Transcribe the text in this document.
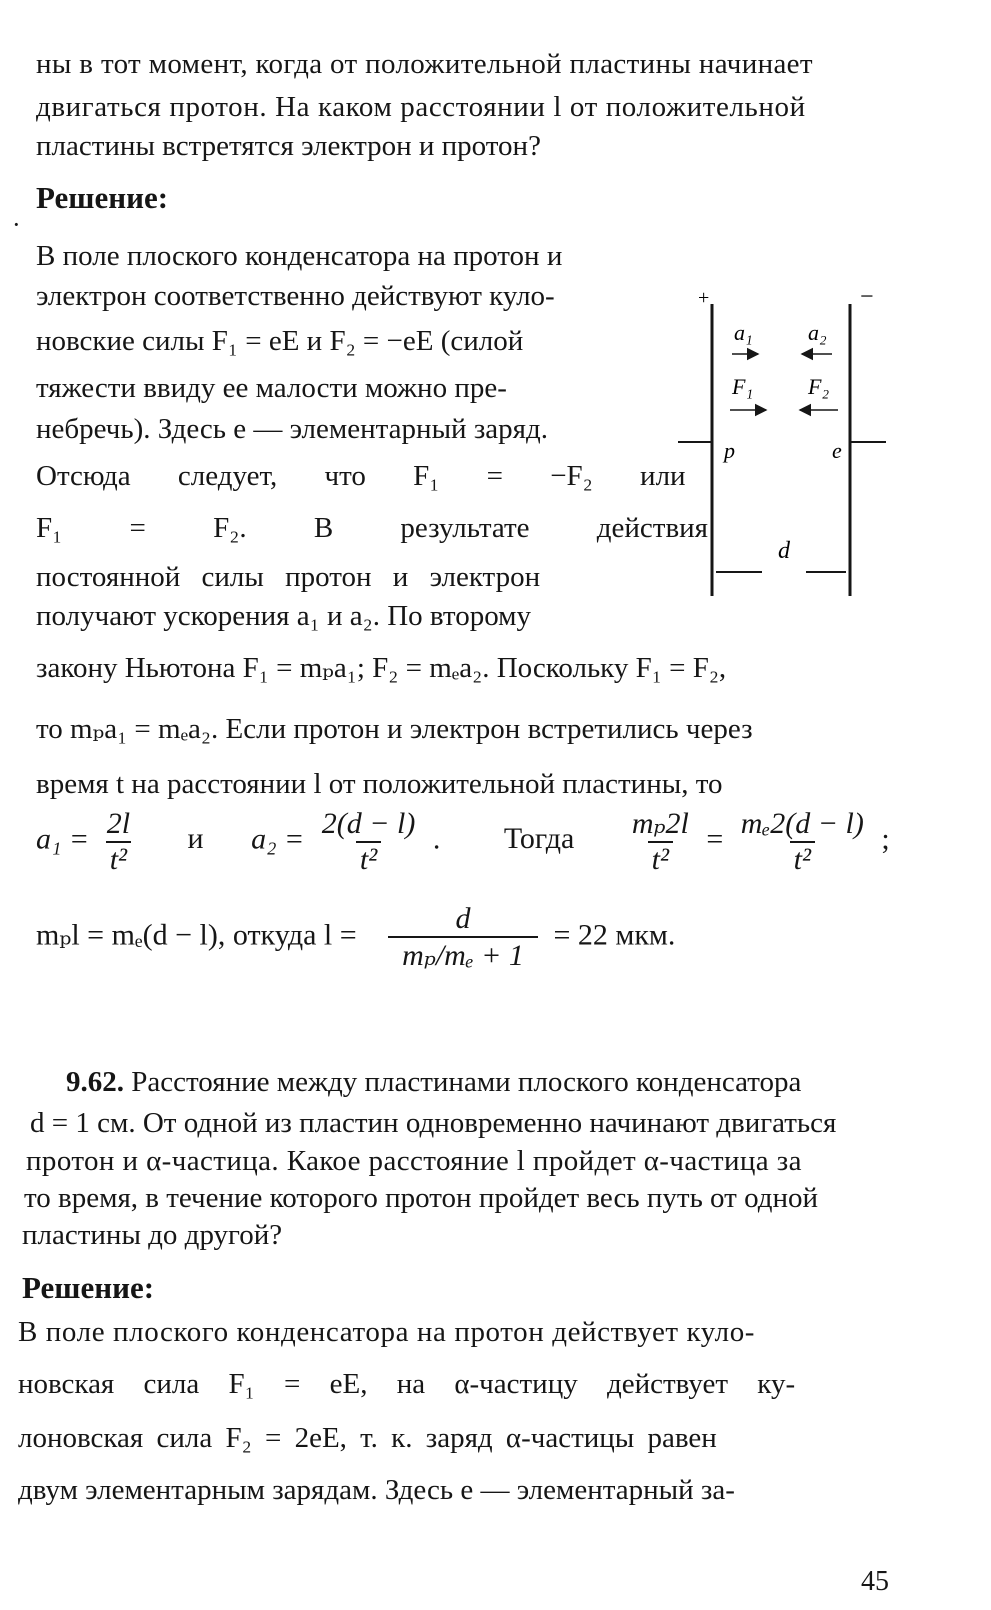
ны в тот момент, когда от положительной пластины начинает
двигаться протон. На каком расстоянии l от положительной
пластины встретятся электрон и протон?
Решение:
·
В поле плоского конденсатора на протон и
электрон соответственно действуют куло-
новские силы F₁ = eE и F₂ = −eE (силой
тяжести ввиду ее малости можно пре-
небречь). Здесь e — элементарный заряд.
Отсюда следует, что F₁ = −F₂ или
F₁ = F₂. В результате действия
постоянной силы протон и электрон
получают ускорения a₁ и a₂. По второму
+	−
a₁	a₂
F₁ F₂
p	e
d
закону Ньютона F₁ = mₚa₁; F₂ = mₑa₂. Поскольку F₁ = F₂,
то mₚa₁ = mₑa₂. Если протон и электрон встретились через
время t на расстоянии l от положительной пластины, то
$a_1 = \frac{2l}{\text{t²}}$ и $a_2 = \frac{2(d - l)}{\text{t²}}$ . Тогда $\frac{\text{mₚ2l}}{\text{t²}} = \frac{\text{mₑ2(d − l)}}{\text{t²}}$ ;
mₚl = mₑ(d − l), откуда $l = \frac{d}{\text{mₚ/mₑ + 1}} = 22$ мкм.
9.62. Расстояние между пластинами плоского конденсатора
d = 1 см. От одной из пластин одновременно начинают двигаться
протон и α-частица. Какое расстояние l пройдет α-частица за
то время, в течение которого протон пройдет весь путь от одной
пластины до другой?
Решение:
В поле плоского конденсатора на протон действует куло-
новская сила F₁ = eE, на α-частицу действует ку-
лоновская сила F₂ = 2eE, т. к. заряд α-частицы равен
двум элементарным зарядам. Здесь e — элементарный за-
45
